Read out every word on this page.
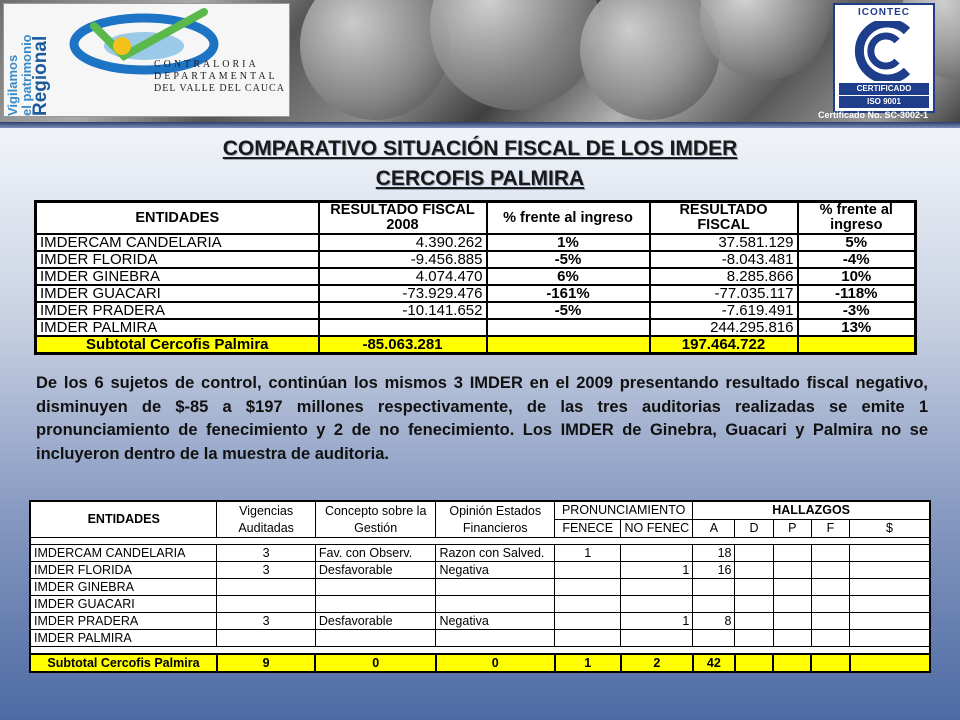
Vigilamos el patrimonio
Regional	CONTRALORIA
DEPARTAMENTAL
DEL VALLE DEL CAUCA
ICONTEC
CERTIFICADO
ISO 9001
Certificado No. SC-3002-1
COMPARATIVO SITUACIÓN FISCAL DE LOS IMDER
CERCOFIS PALMIRA
ENTIDADES	RESULTADO FISCAL 2008	% frente al ingreso	RESULTADO FISCAL	% frente al ingreso
IMDERCAM CANDELARIA	4.390.262	1%	37.581.129	5%
IMDER FLORIDA	-9.456.885	-5%	-8.043.481	-4%
IMDER GINEBRA	4.074.470	6%	8.285.866	10%
IMDER GUACARI	-73.929.476	-161%	-77.035.117	-118%
IMDER PRADERA	-10.141.652	-5%	-7.619.491	-3%
IMDER PALMIRA			244.295.816	13%
Subtotal Cercofis Palmira	-85.063.281		197.464.722	
De los 6 sujetos de control, continúan los mismos 3 IMDER en el 2009 presentando resultado fiscal negativo, disminuyen de $-85 a $197 millones respectivamente, de las tres auditorias realizadas se emite 1 pronunciamiento de fenecimiento y 2 de no fenecimiento. Los IMDER de Ginebra, Guacari y Palmira no se incluyeron dentro de la muestra de auditoria.
ENTIDADES	Vigencias Auditadas	Concepto sobre la Gestión	Opinión Estados Financieros	PRONUNCIAMIENTO		HALLAZGOS				
				FENECE	NO FENEC	A	D	P	F	$

IMDERCAM CANDELARIA	3	Fav. con Observ.	Razon con Salved.	1		18				
IMDER FLORIDA	3	Desfavorable	Negativa		1	16				
IMDER GINEBRA										
IMDER GUACARI										
IMDER PRADERA	3	Desfavorable	Negativa		1	8				
IMDER PALMIRA										

Subtotal Cercofis Palmira	9	0	0	1	2	42				
